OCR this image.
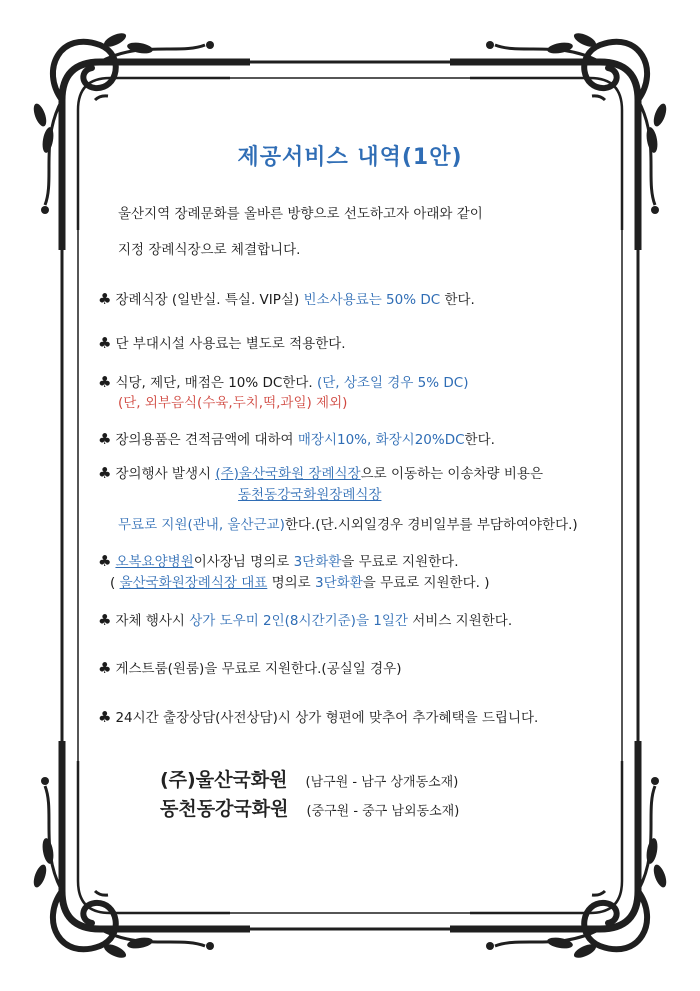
제공서비스 내역(1안)
울산지역 장례문화를 올바른 방향으로 선도하고자 아래와 같이
지정 장례식장으로 체결합니다.
♣ 장례식장 (일반실. 특실. VIP실) 빈소사용료는 50% DC 한다.
♣ 단 부대시설 사용료는 별도로 적용한다.
♣ 식당, 제단, 매점은 10% DC한다. (단, 상조일 경우 5% DC)
(단, 외부음식(수육,두치,떡,과일) 제외)
♣ 장의용품은 견적금액에 대하여 매장시10%, 화장시20%DC한다.
♣ 장의행사 발생시 (주)울산국화원 장례식장으로 이동하는 이송차량 비용은
동천동강국화원장례식장
무료로 지원(관내, 울산근교)한다.(단.시외일경우 경비일부를 부담하여야한다.)
♣ 오복요양병원이사장님 명의로 3단화환을 무료로 지원한다.
( 울산국화원장례식장 대표 명의로 3단화환을 무료로 지원한다. )
♣ 자체 행사시 상가 도우미 2인(8시간기준)을 1일간 서비스 지원한다.
♣ 게스트룸(원룸)을 무료로 지원한다.(공실일 경우)
♣ 24시간 출장상담(사전상담)시 상가 형편에 맞추어 추가혜택을 드립니다.
(주)울산국화원 (남구원 - 남구 상개동소재)
동천동강국화원 (중구원 - 중구 남외동소재)
